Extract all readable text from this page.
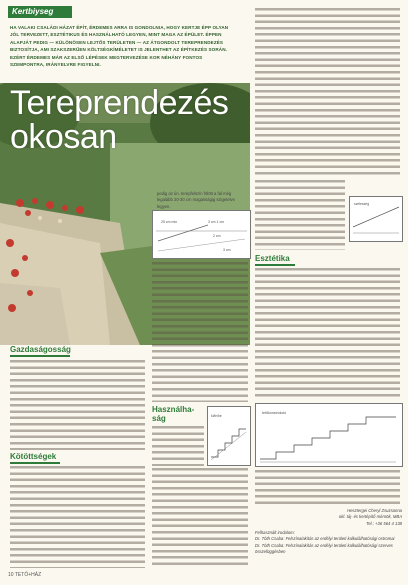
Kertbiyseg
HA VALAKI CSALÁDI HÁZAT ÉPÍT, ÉRDEMES ARRA IS GONDOLNIA, HOGY KERTJE ÉPP OLYAN JÓL TERVEZETT, ESZTÉTIKUS ÉS HASZNÁLHATÓ LEGYEN, MINT MAGA AZ ÉPÜLET. ÉPPEN ALAPJÁT PEDIG — KÜLÖNÖSEN LEJTŐS TERÜLETEN — AZ ÁTGONDOLT TEREPRENDEZÉS BIZTOSÍTJA, AMI SZAKSZERŰEN KÖLTSÉGKÍMÉLETET IS JELENTHET AZ ÉPÍTKEZÉS SORÁN. EZÉRT ÉRDEMES MÁR AZ ELSŐ LÉPÉSEK MEGTERVEZÉSE KOR NÉHÁNY FONTOS SZEMPONTRA, IRÁNYELVRE FIGYELNI.
Tereprendezés
okosan
pedig az ún. terepfelszín fölött a fal még legalább 20-30 cm magasságig szigetelve legyen.
25 cm min	3 cm 1 cm
2 cm
3 cm
Gazdaságosság
Kötöttségek
Használha-
ság	ki/le/be
szélesség
Esztétika
tetőkonstrukció
Hesztergei Cheryl Zsuzsanna
okl. táj- és kertépítő mérnök, MBA
Tel.: +36 564 4 138
Felhasznált irodalom:
Dr. Tóth Csaba: Felszínalakítás az erdélyi területi kalkulálhatósági ostromai
Dr. Tóth Csaba: Felszínalakítás az erdélyi területi kalkulálhatósági szerves összefüggésben
10 TETŐ+HÁZ
